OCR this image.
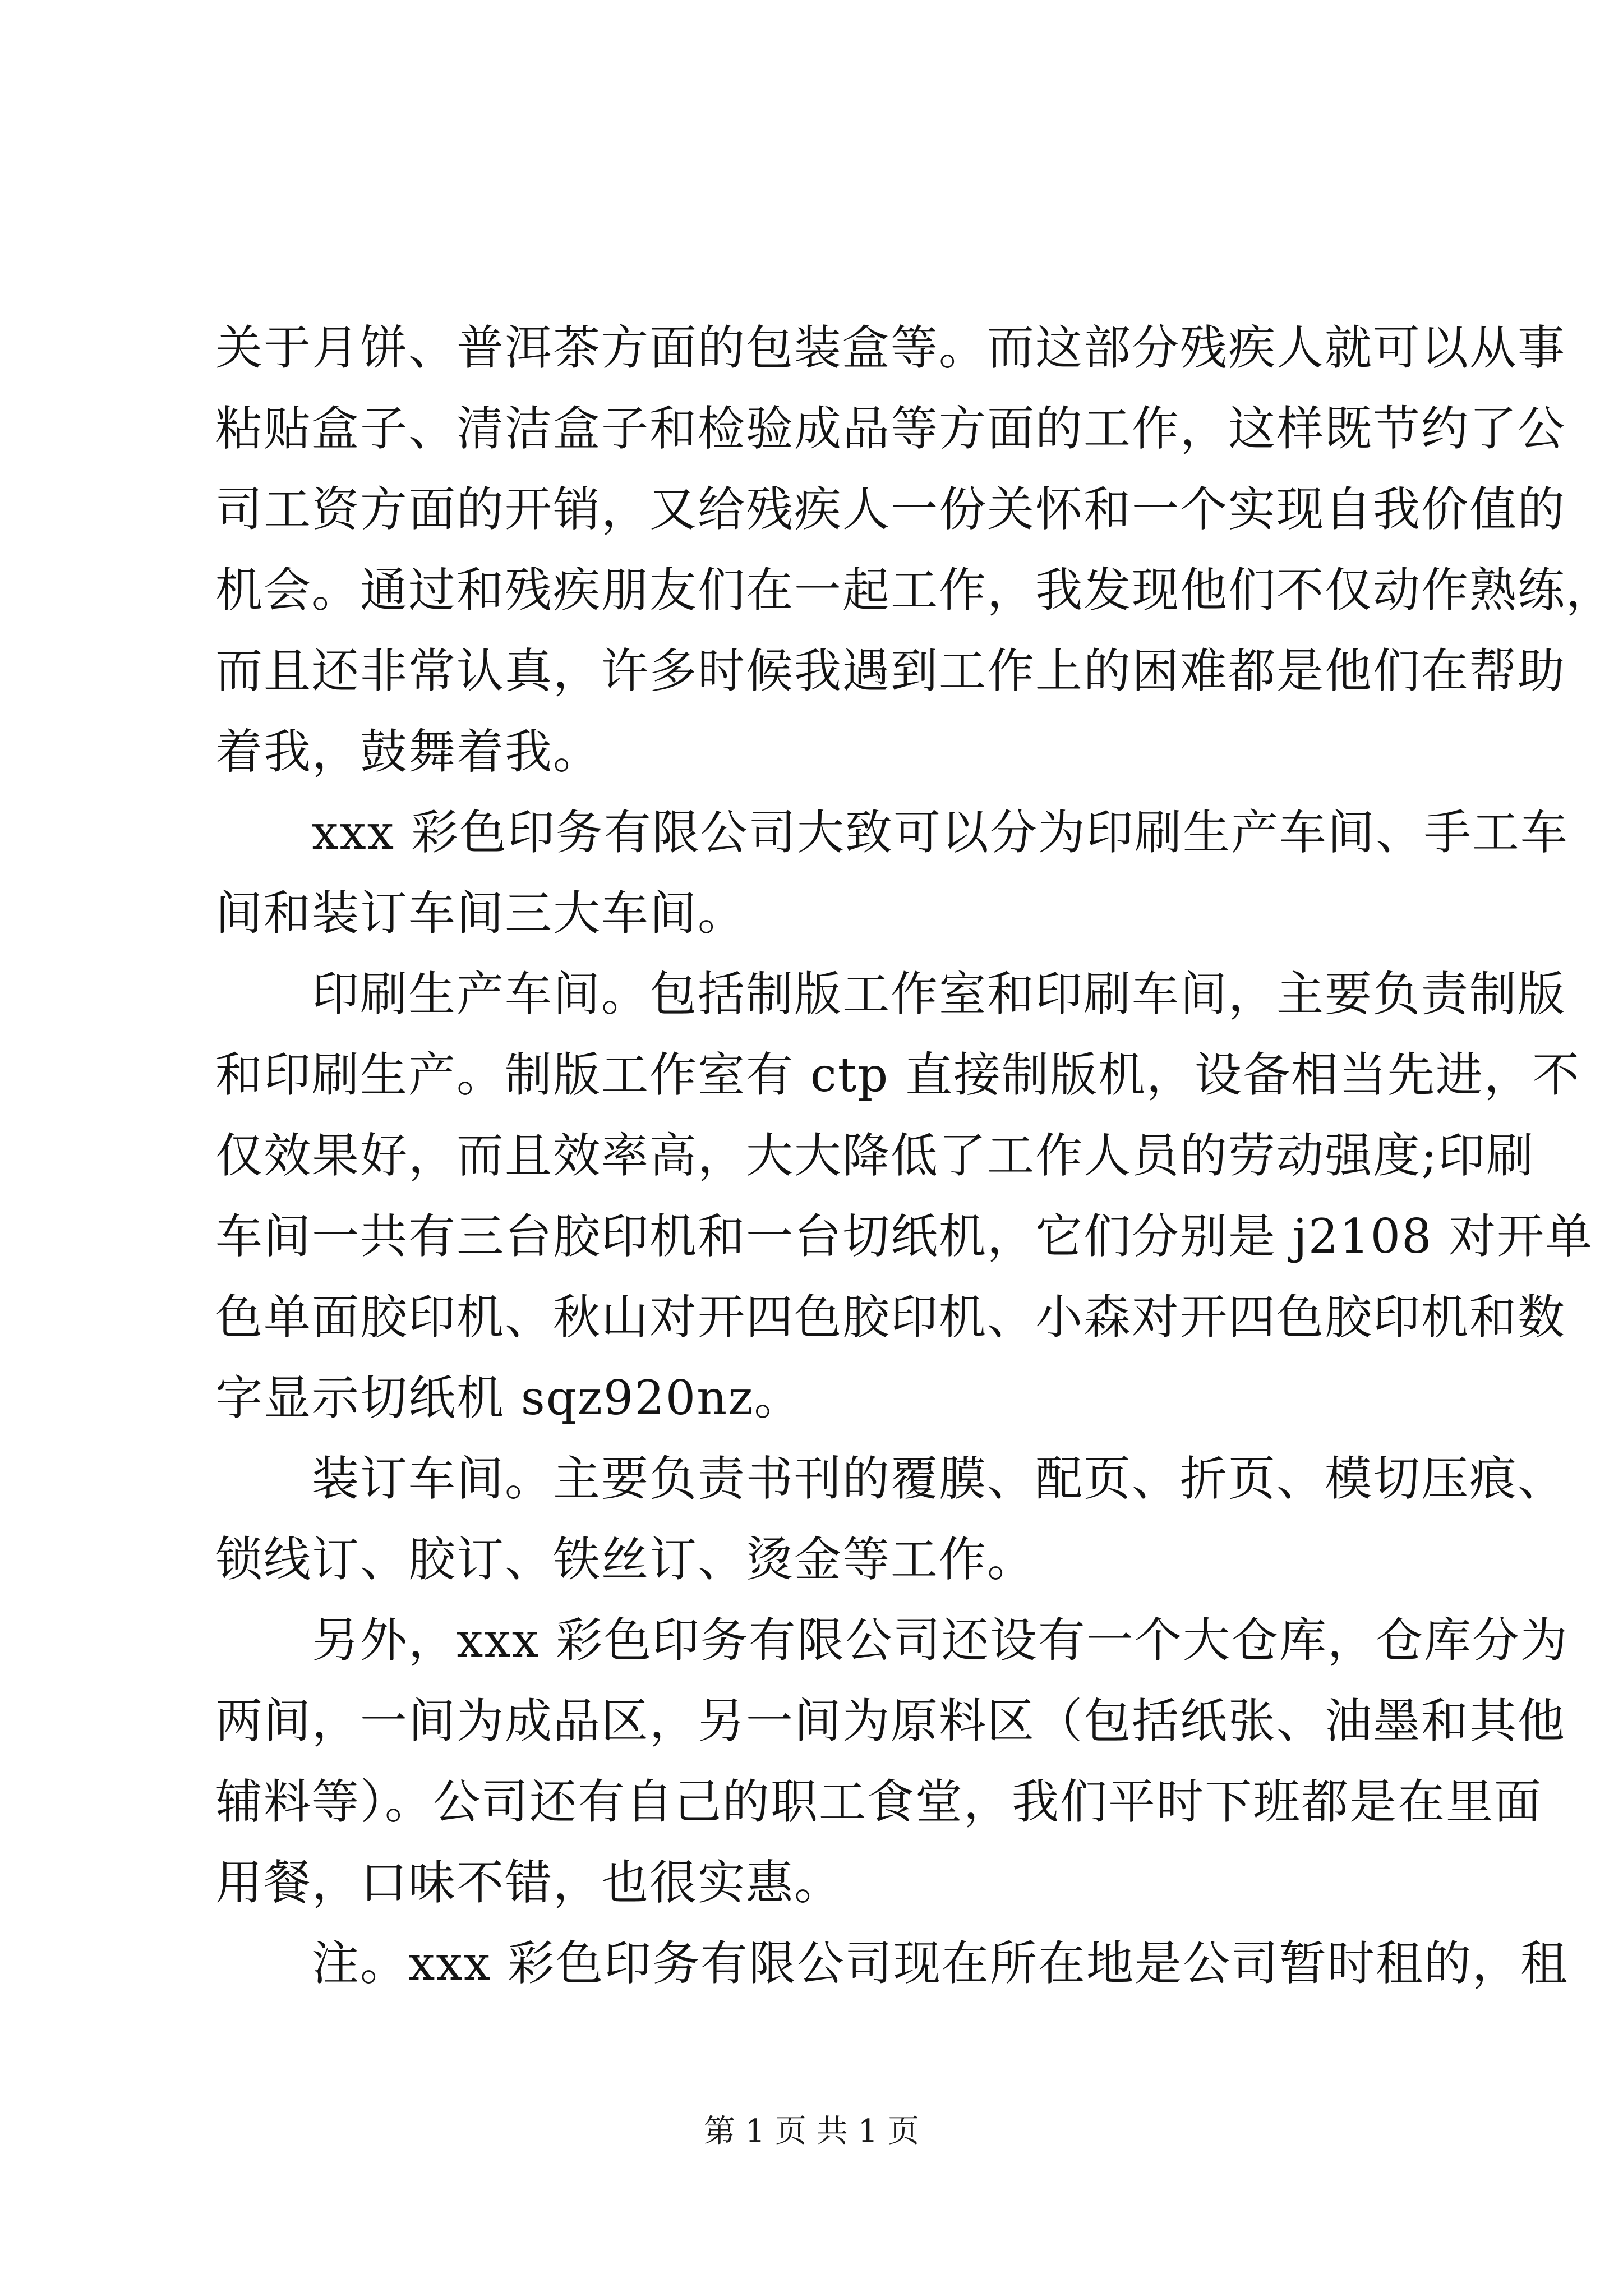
关于月饼、普洱茶方面的包装盒等。而这部分残疾人就可以从事
粘贴盒子、清洁盒子和检验成品等方面的工作，这样既节约了公
司工资方面的开销，又给残疾人一份关怀和一个实现自我价值的
机会。通过和残疾朋友们在一起工作，我发现他们不仅动作熟练，
而且还非常认真，许多时候我遇到工作上的困难都是他们在帮助
着我，鼓舞着我。
xxx 彩色印务有限公司大致可以分为印刷生产车间、手工车
间和装订车间三大车间。
印刷生产车间。包括制版工作室和印刷车间，主要负责制版
和印刷生产。制版工作室有 ctp 直接制版机，设备相当先进，不
仅效果好，而且效率高，大大降低了工作人员的劳动强度;印刷
车间一共有三台胶印机和一台切纸机，它们分别是 j2108 对开单
色单面胶印机、秋山对开四色胶印机、小森对开四色胶印机和数
字显示切纸机 sqz920nz。
装订车间。主要负责书刊的覆膜、配页、折页、模切压痕、
锁线订、胶订、铁丝订、烫金等工作。
另外，xxx 彩色印务有限公司还设有一个大仓库，仓库分为
两间，一间为成品区，另一间为原料区（包括纸张、油墨和其他
辅料等）。公司还有自己的职工食堂，我们平时下班都是在里面
用餐，口味不错，也很实惠。
注。xxx 彩色印务有限公司现在所在地是公司暂时租的，租
第 1 页 共 1 页
